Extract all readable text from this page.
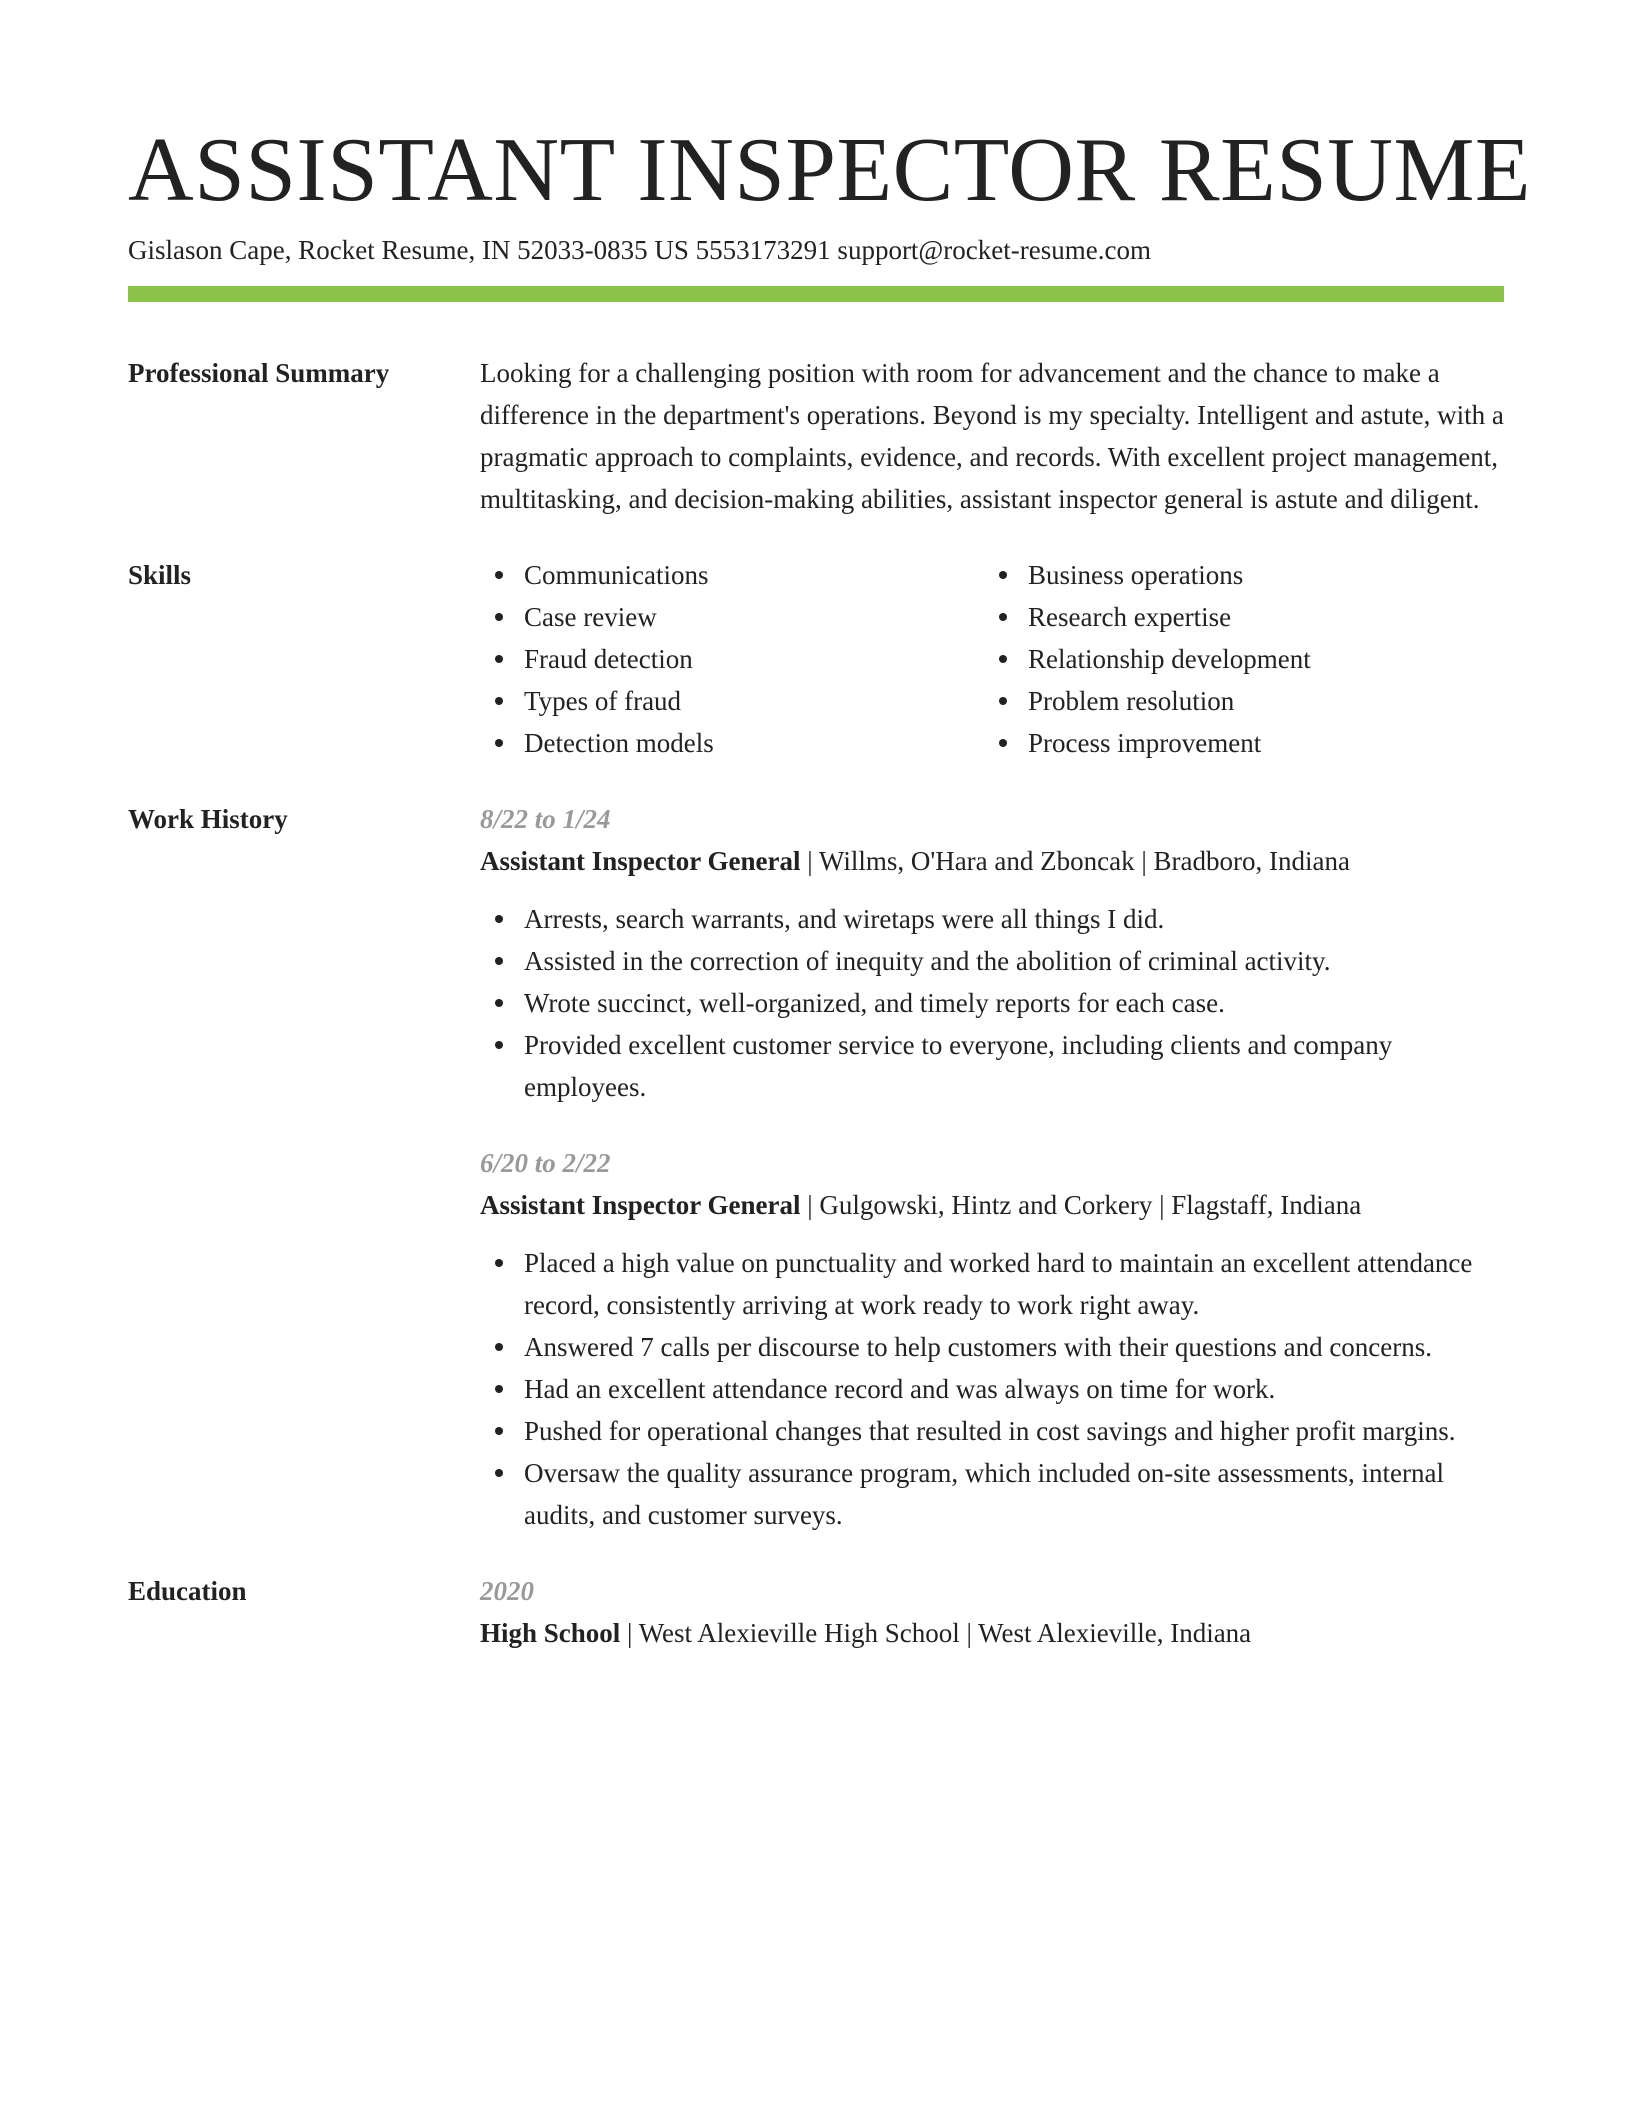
ASSISTANT INSPECTOR RESUME
Gislason Cape, Rocket Resume, IN 52033-0835 US 5553173291 support@rocket-resume.com
Professional Summary	Looking for a challenging position with room for advancement and the chance to make a difference in the department's operations. Beyond is my specialty. Intelligent and astute, with a pragmatic approach to complaints, evidence, and records. With excellent project management, multitasking, and decision-making abilities, assistant inspector general is astute and diligent.
Skills	Communications
Case review
Fraud detection
Types of fraud
Detection models
Business operations
Research expertise
Relationship development
Problem resolution
Process improvement
Work History	8/22 to 1/24
Assistant Inspector General | Willms, O'Hara and Zboncak | Bradboro, Indiana
Arrests, search warrants, and wiretaps were all things I did.
Assisted in the correction of inequity and the abolition of criminal activity.
Wrote succinct, well-organized, and timely reports for each case.
Provided excellent customer service to everyone, including clients and company employees.
6/20 to 2/22
Assistant Inspector General | Gulgowski, Hintz and Corkery | Flagstaff, Indiana
Placed a high value on punctuality and worked hard to maintain an excellent attendance record, consistently arriving at work ready to work right away.
Answered 7 calls per discourse to help customers with their questions and concerns.
Had an excellent attendance record and was always on time for work.
Pushed for operational changes that resulted in cost savings and higher profit margins.
Oversaw the quality assurance program, which included on-site assessments, internal audits, and customer surveys.
Education	2020
High School | West Alexieville High School | West Alexieville, Indiana
